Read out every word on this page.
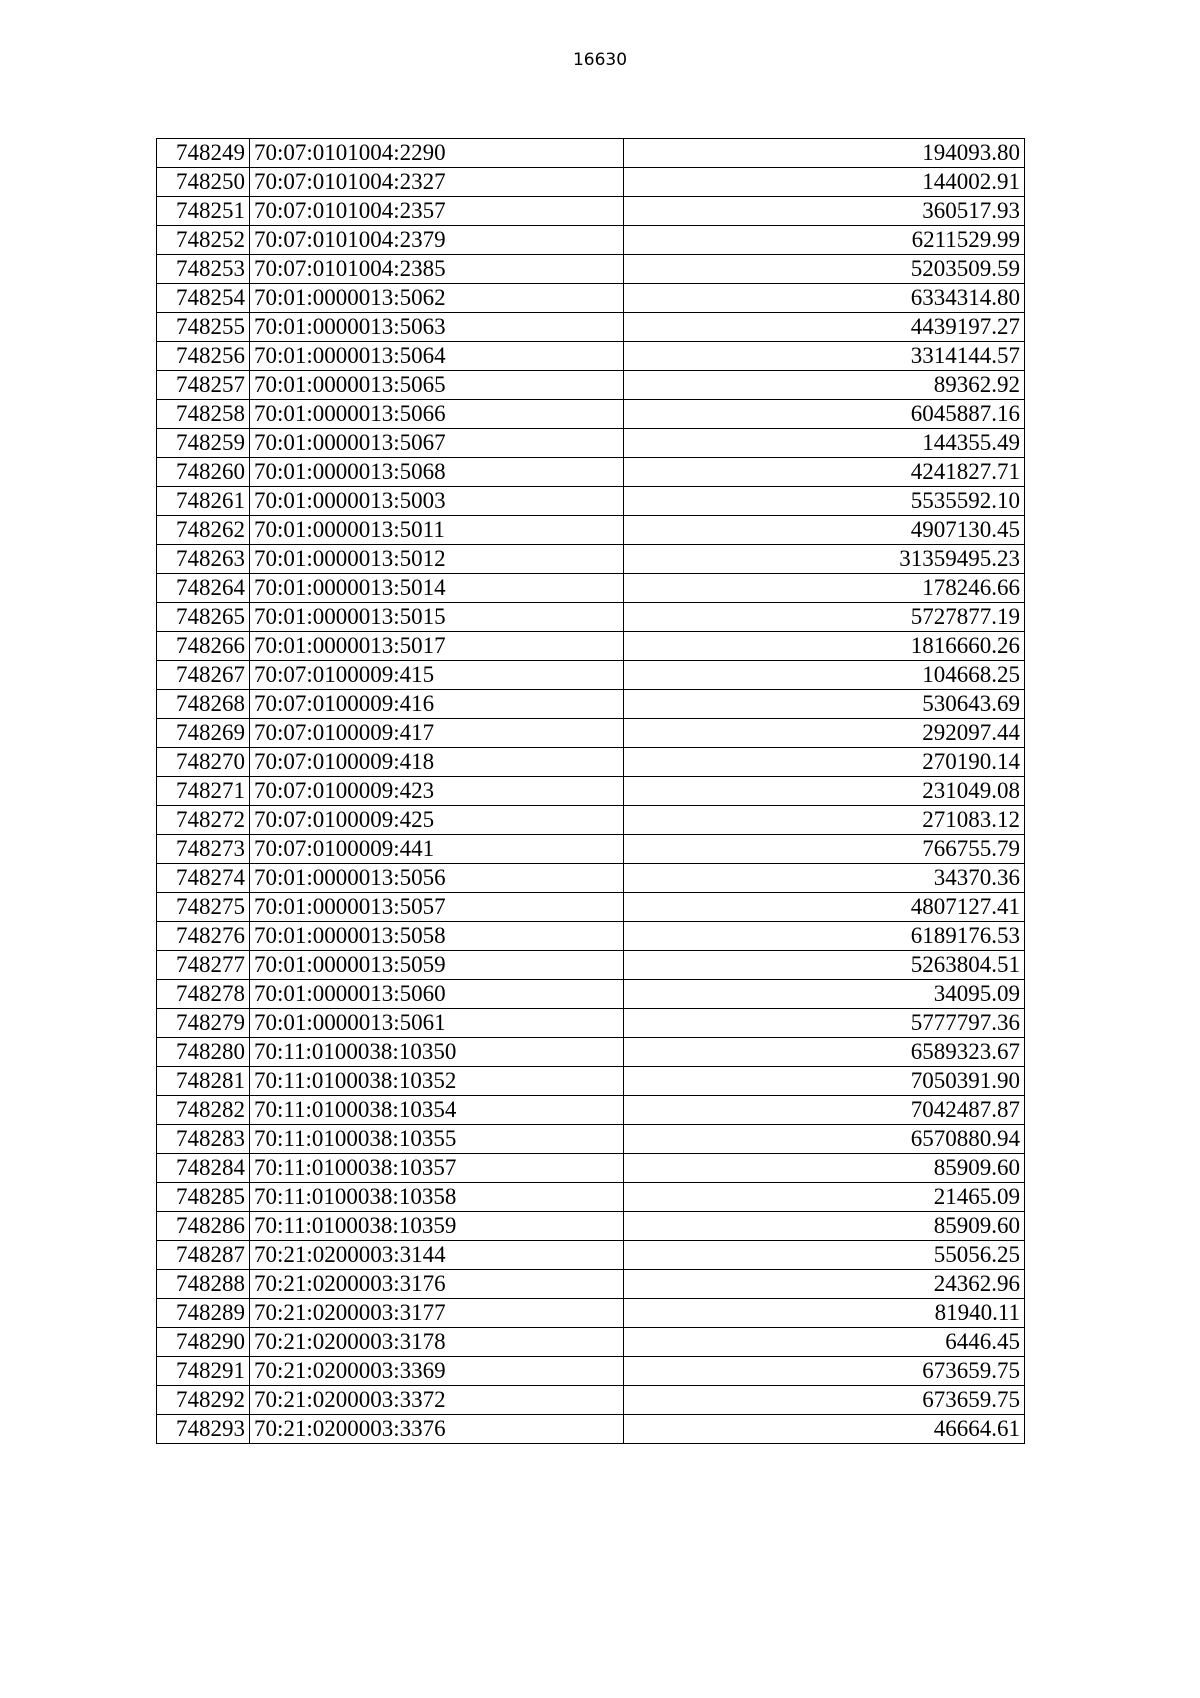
16630
748249	70:07:0101004:2290	194093.80
748250	70:07:0101004:2327	144002.91
748251	70:07:0101004:2357	360517.93
748252	70:07:0101004:2379	6211529.99
748253	70:07:0101004:2385	5203509.59
748254	70:01:0000013:5062	6334314.80
748255	70:01:0000013:5063	4439197.27
748256	70:01:0000013:5064	3314144.57
748257	70:01:0000013:5065	89362.92
748258	70:01:0000013:5066	6045887.16
748259	70:01:0000013:5067	144355.49
748260	70:01:0000013:5068	4241827.71
748261	70:01:0000013:5003	5535592.10
748262	70:01:0000013:5011	4907130.45
748263	70:01:0000013:5012	31359495.23
748264	70:01:0000013:5014	178246.66
748265	70:01:0000013:5015	5727877.19
748266	70:01:0000013:5017	1816660.26
748267	70:07:0100009:415	104668.25
748268	70:07:0100009:416	530643.69
748269	70:07:0100009:417	292097.44
748270	70:07:0100009:418	270190.14
748271	70:07:0100009:423	231049.08
748272	70:07:0100009:425	271083.12
748273	70:07:0100009:441	766755.79
748274	70:01:0000013:5056	34370.36
748275	70:01:0000013:5057	4807127.41
748276	70:01:0000013:5058	6189176.53
748277	70:01:0000013:5059	5263804.51
748278	70:01:0000013:5060	34095.09
748279	70:01:0000013:5061	5777797.36
748280	70:11:0100038:10350	6589323.67
748281	70:11:0100038:10352	7050391.90
748282	70:11:0100038:10354	7042487.87
748283	70:11:0100038:10355	6570880.94
748284	70:11:0100038:10357	85909.60
748285	70:11:0100038:10358	21465.09
748286	70:11:0100038:10359	85909.60
748287	70:21:0200003:3144	55056.25
748288	70:21:0200003:3176	24362.96
748289	70:21:0200003:3177	81940.11
748290	70:21:0200003:3178	6446.45
748291	70:21:0200003:3369	673659.75
748292	70:21:0200003:3372	673659.75
748293	70:21:0200003:3376	46664.61
